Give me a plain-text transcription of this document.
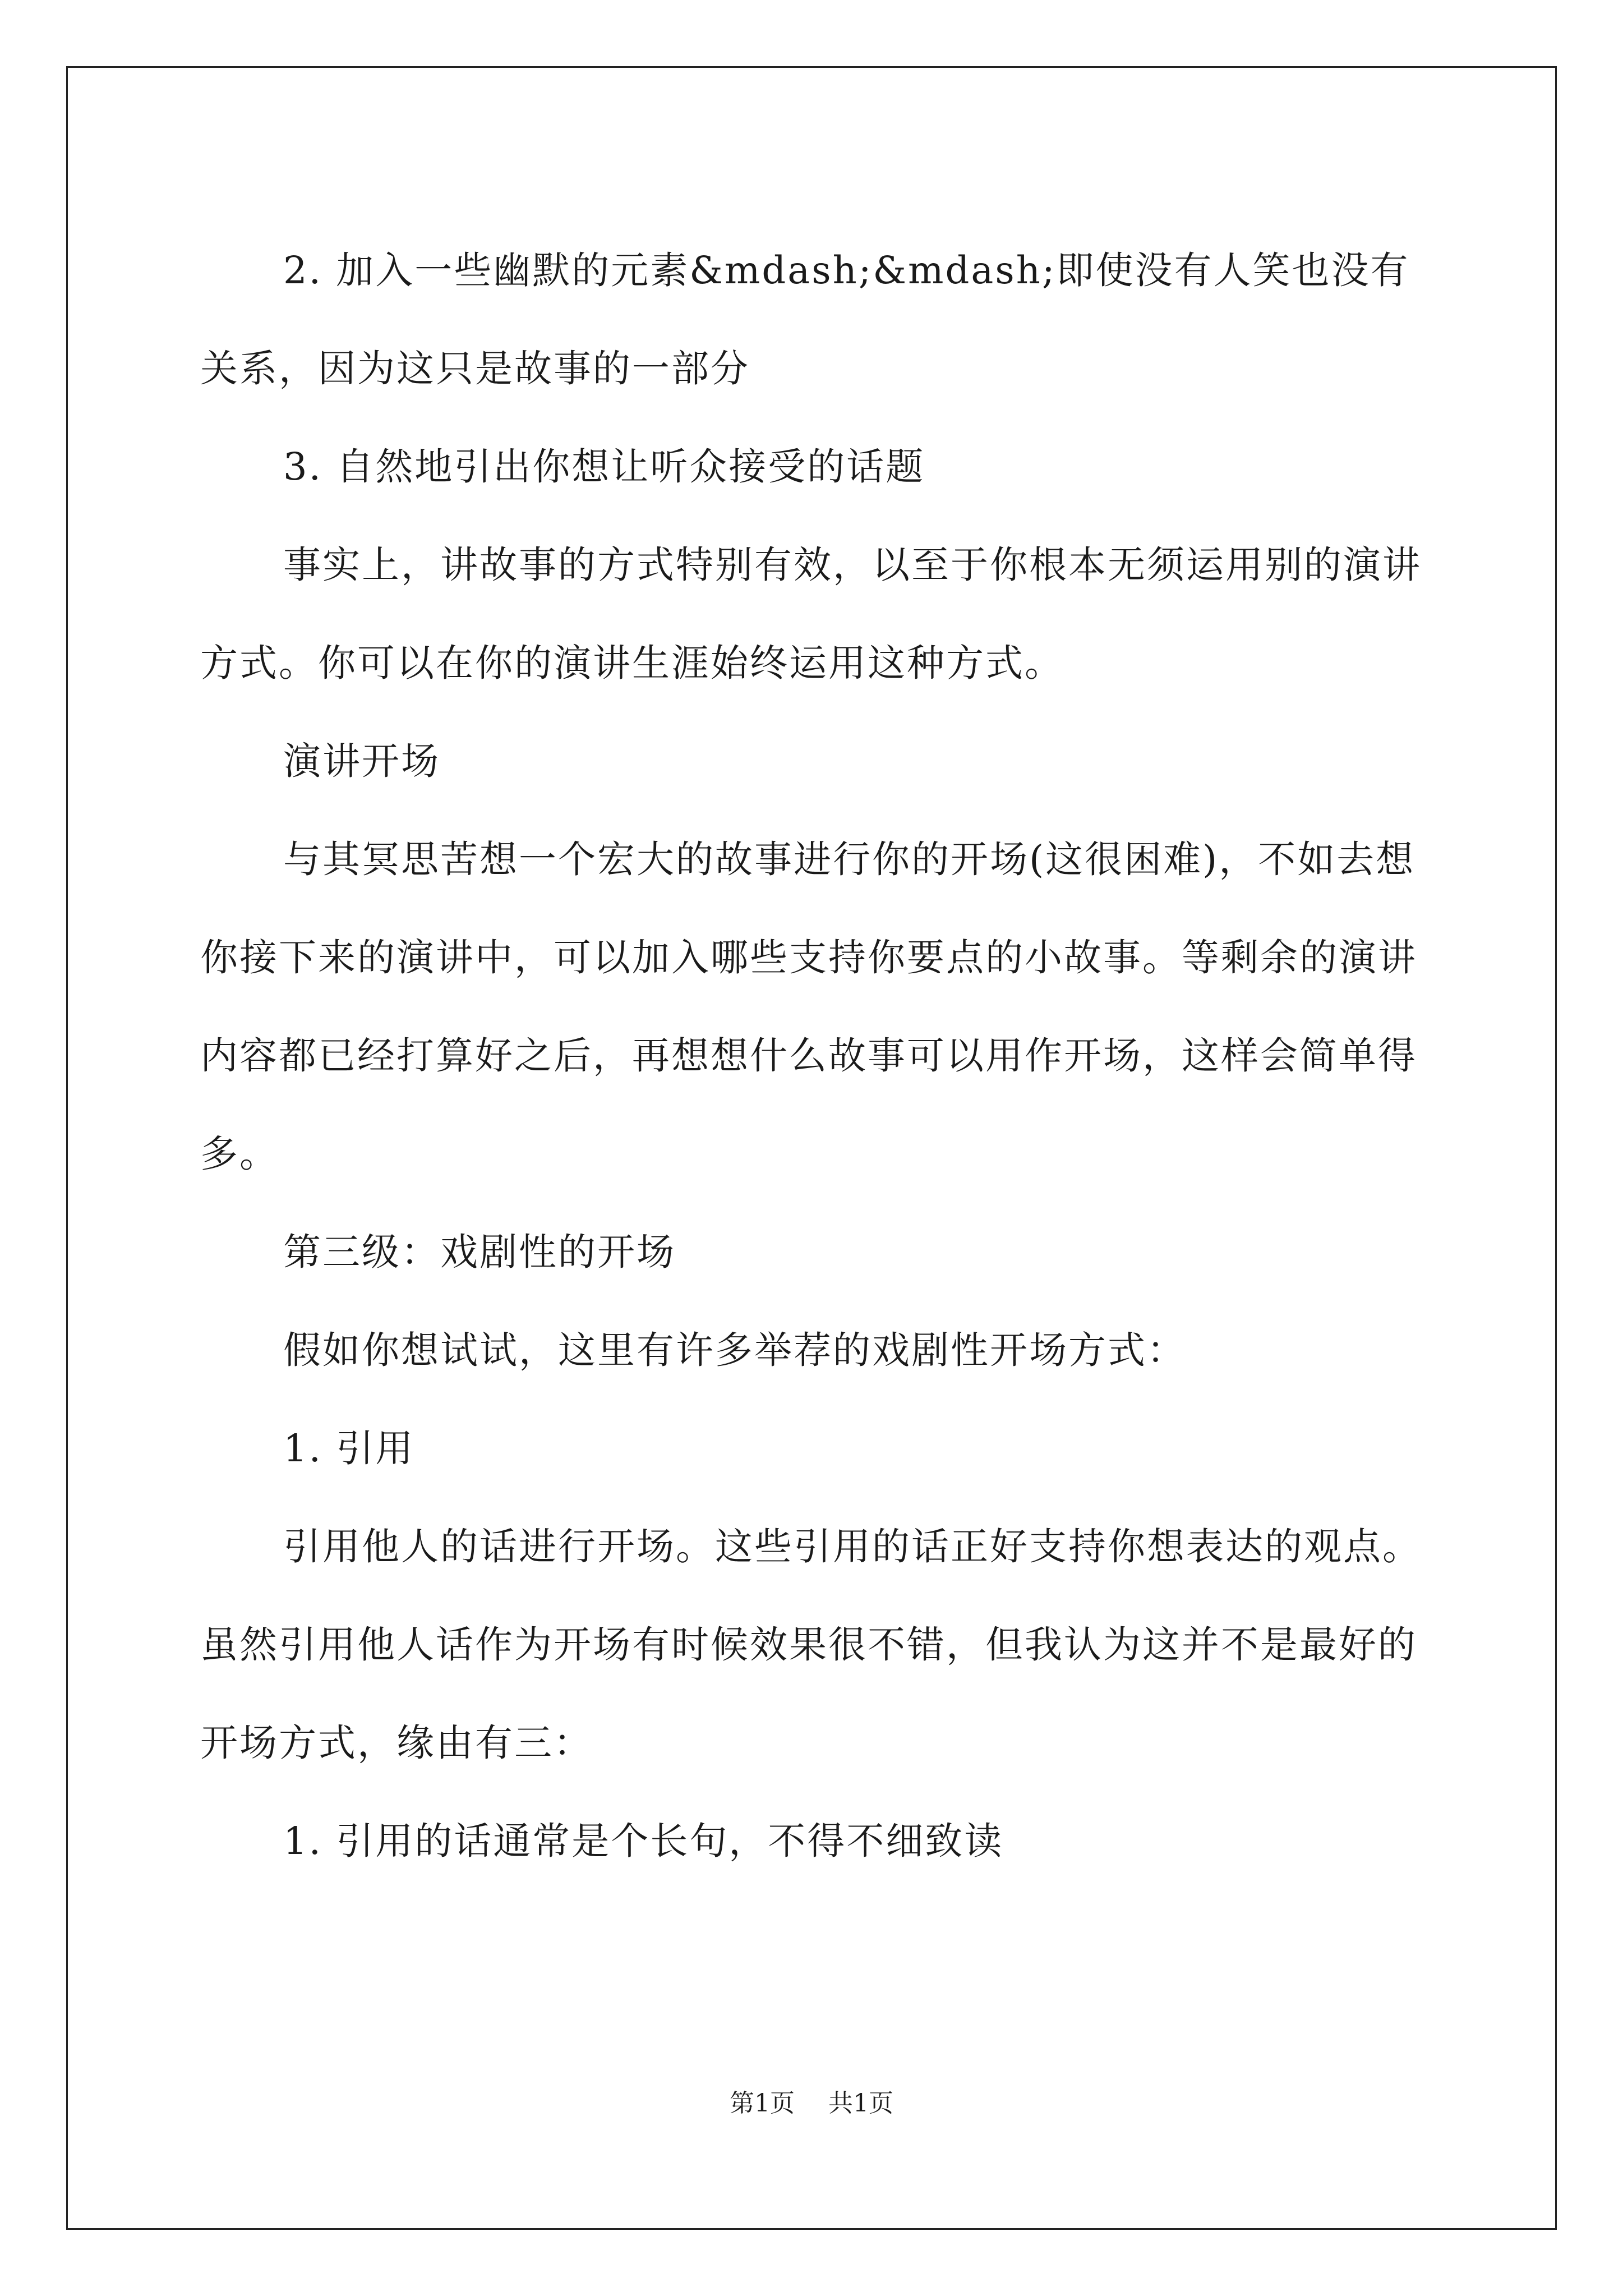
2. 加入一些幽默的元素&mdash;&mdash;即使没有人笑也没有关系，因为这只是故事的一部分

3. 自然地引出你想让听众接受的话题

事实上，讲故事的方式特别有效，以至于你根本无须运用别的演讲方式。你可以在你的演讲生涯始终运用这种方式。

演讲开场

与其冥思苦想一个宏大的故事进行你的开场(这很困难)，不如去想你接下来的演讲中，可以加入哪些支持你要点的小故事。等剩余的演讲内容都已经打算好之后，再想想什么故事可以用作开场，这样会简单得多。

第三级：戏剧性的开场

假如你想试试，这里有许多举荐的戏剧性开场方式：

1. 引用

引用他人的话进行开场。这些引用的话正好支持你想表达的观点。虽然引用他人话作为开场有时候效果很不错，但我认为这并不是最好的开场方式，缘由有三：

1. 引用的话通常是个长句，不得不细致读

第1页 共1页
